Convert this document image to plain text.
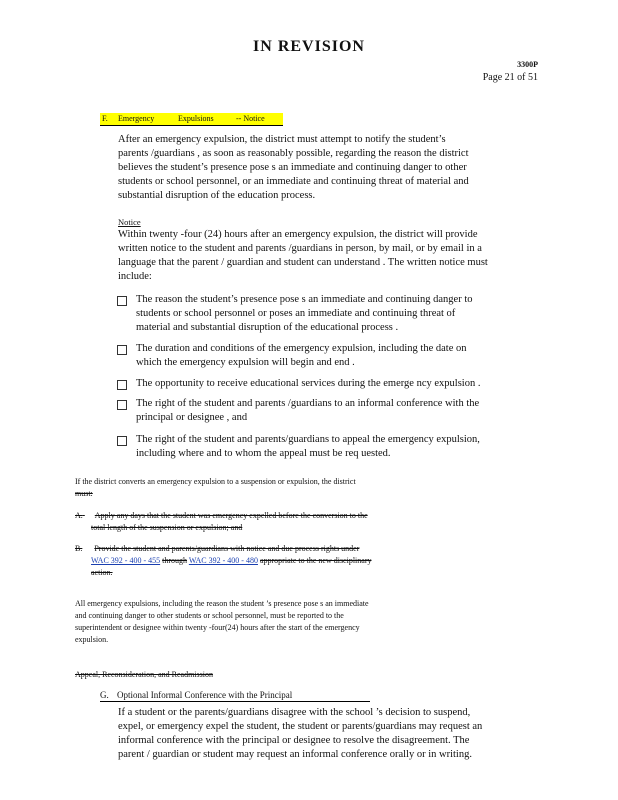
IN REVISION
3300P
Page 21 of 51
F. Emergency	Expulsions	-- Notice
After an emergency expulsion, the district must attempt to notify the student’s
parents /guardians , as soon as reasonably possible, regarding the reason the district
believes the student’s presence pose s an immediate and continuing danger to other
students or school personnel, or an immediate and continuing threat of material and
substantial disruption of the education process.
Notice
Within twenty -four (24) hours after an emergency expulsion, the district will provide
written notice to the student and parents /guardians in person, by mail, or by email in a
language that the parent / guardian and student can understand . The written notice must
include:
The reason the student’s presence pose s an immediate and continuing danger to
students or school personnel or poses an immediate and continuing threat of
material and substantial disruption of the educational process .
The duration and conditions of the emergency expulsion, including the date on
which the emergency expulsion will begin and end .
The opportunity to receive educational services during the emerge ncy expulsion .
The right of the student and parents /guardians to an informal conference with the
principal or designee , and
The right of the student and parents/guardians to appeal the emergency expulsion,
including where and to whom the appeal must be req uested.
If the district converts an emergency expulsion to a suspension or expulsion, the district
must:
A. Apply any days that the student was emergency expelled before the conversion to the
total length of the suspension or expulsion; and
B. Provide the student and parents/guardians with notice and due process rights under
WAC 392 - 400 - 455 through WAC 392 - 400 - 480 appropriate to the new disciplinary
action.
All emergency expulsions, including the reason the student ’s presence pose s an immediate
and continuing danger to other students or school personnel, must be reported to the
superintendent or designee within twenty -four(24) hours after the start of the emergency
expulsion.
Appeal, Reconsideration, and Readmission
G. Optional Informal Conference with the Principal
If a student or the parents/guardians disagree with the school ’s decision to suspend,
expel, or emergency expel the student, the student or parents/guardians may request an
informal conference with the principal or designee to resolve the disagreement. The
parent / guardian or student may request an informal conference orally or in writing.
